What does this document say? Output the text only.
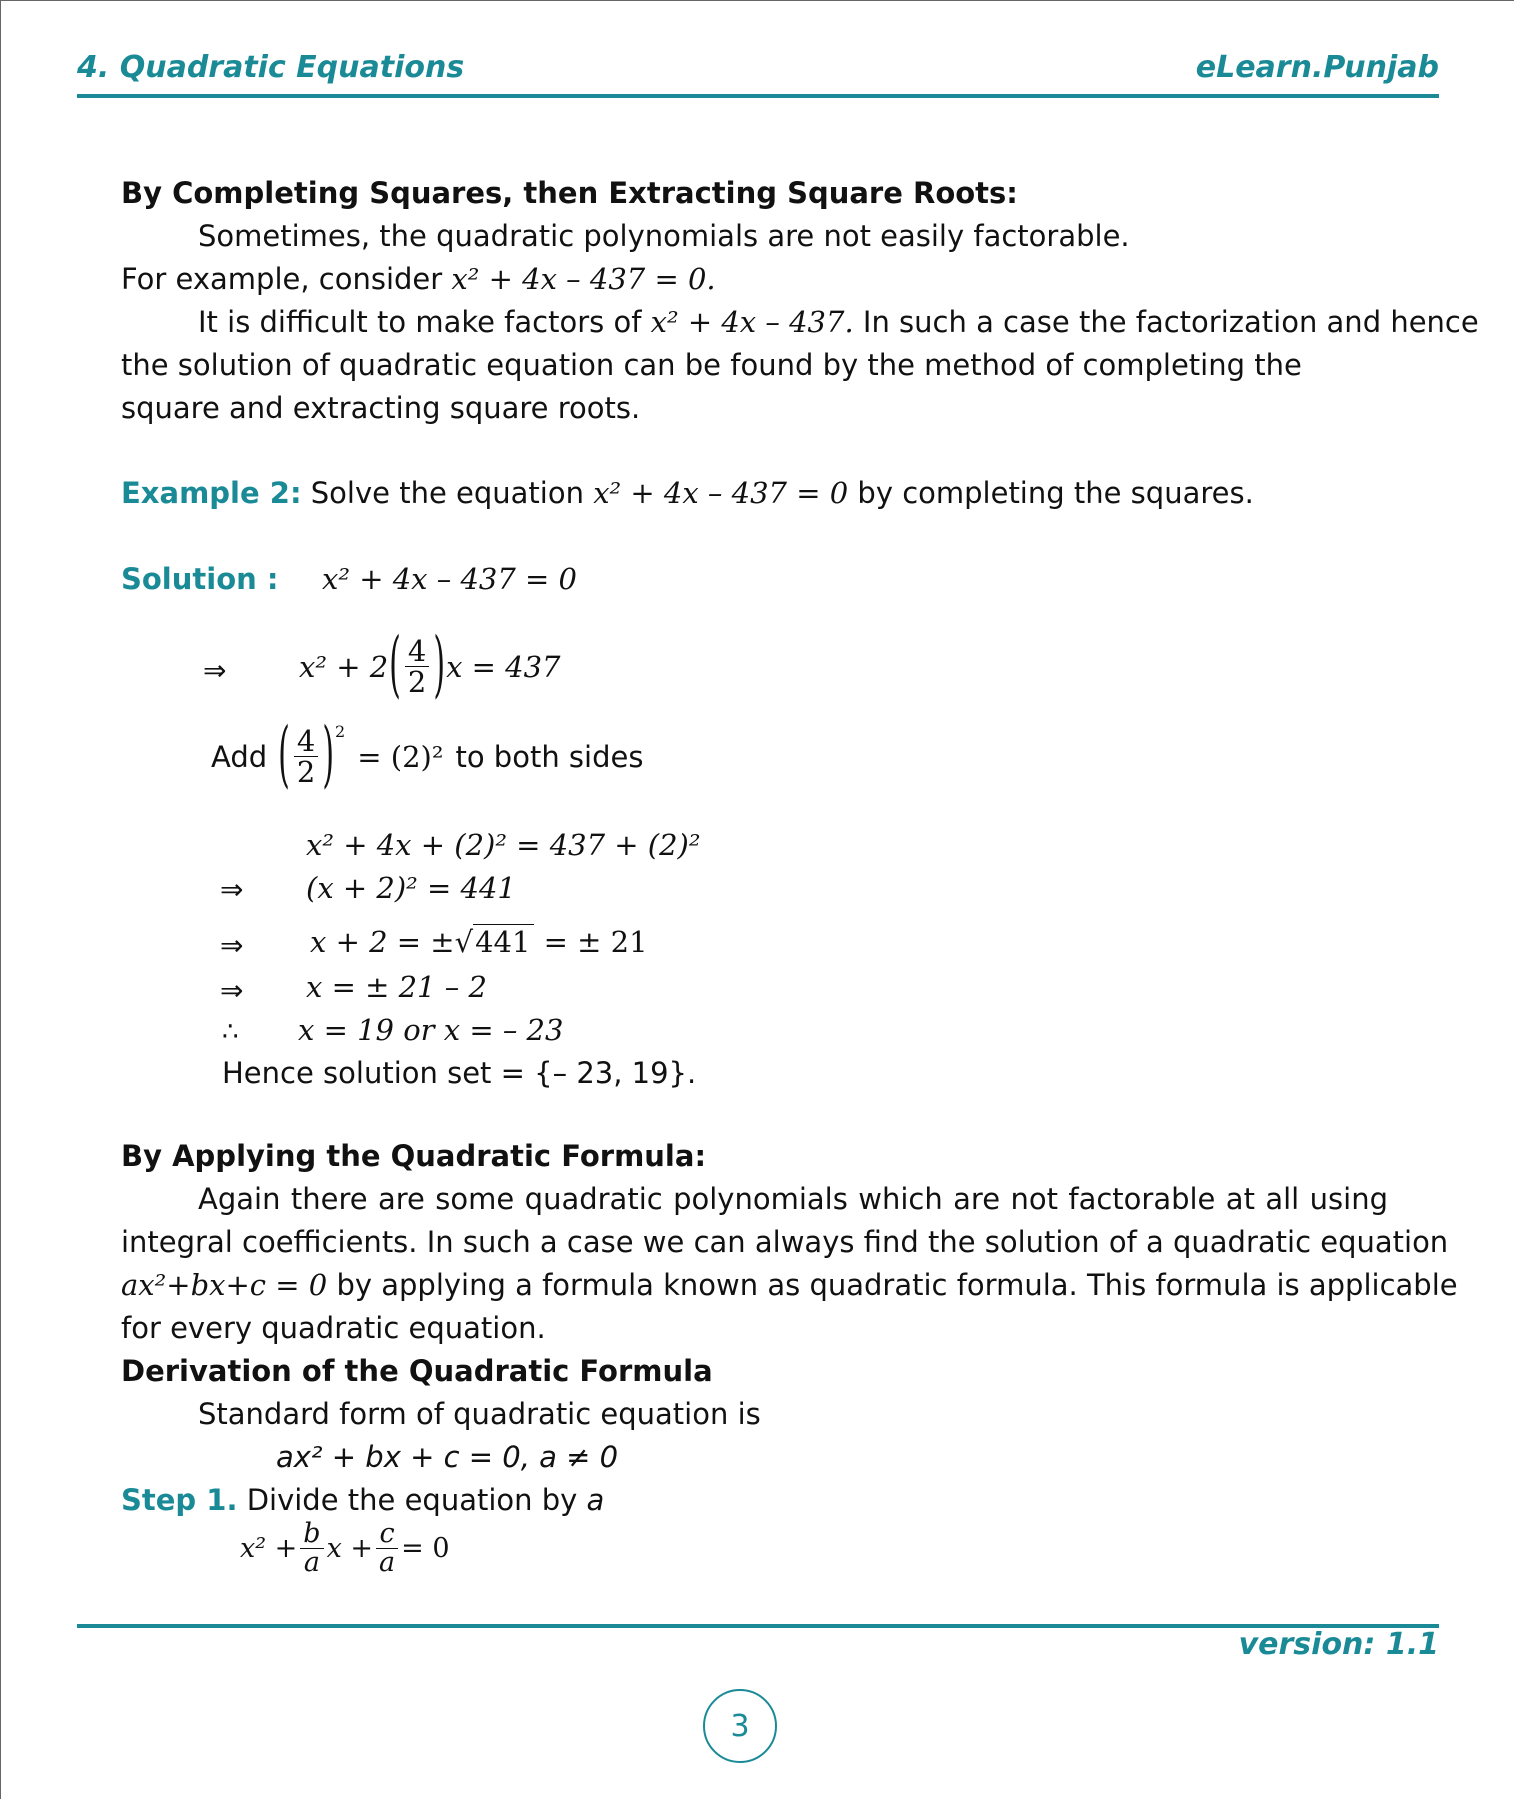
4. Quadratic Equations	eLearn.Punjab
By Completing Squares, then Extracting Square Roots:
Sometimes, the quadratic polynomials are not easily factorable.
For example, consider x² + 4x – 437 = 0.
It is difficult to make factors of x² + 4x – 437. In such a case the factorization and hence
the solution of quadratic equation can be found by the method of completing the
square and extracting square roots.
Example 2: Solve the equation x² + 4x – 437 = 0 by completing the squares.
Solution : x² + 4x – 437 = 0
⇒	x² + 2 ( $\frac{4}{2}$ ) x = 437
Add ( $\frac{4}{2}$ ) 2
= (2)² to both sides
x² + 4x + (2)² = 437 + (2)²
⇒ (x + 2)² = 441
⇒ x + 2 = ±√441 = ± 21
⇒ x = ± 21 – 2
∴ x = 19 or x = – 23
Hence solution set = {– 23, 19}.
By Applying the Quadratic Formula:
Again there are some quadratic polynomials which are not factorable at all using
integral coefficients. In such a case we can always find the solution of a quadratic equation
ax²+bx+c = 0 by applying a formula known as quadratic formula. This formula is applicable
for every quadratic equation.
Derivation of the Quadratic Formula
Standard form of quadratic equation is
ax² + bx + c = 0, a ≠ 0
Step 1. Divide the equation by a
$x^2 + \frac{b}{a}$ $x + \frac{c}{a} = 0$
version: 1.1
3
